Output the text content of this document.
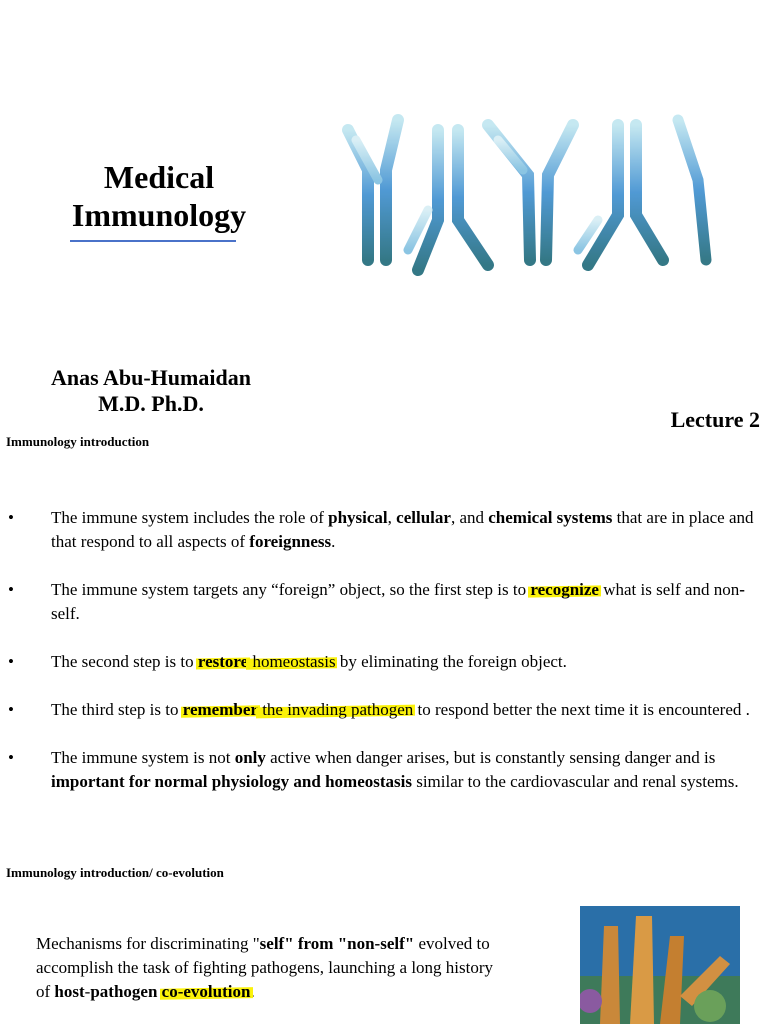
Medical
Immunology
Anas Abu-Humaidan
M.D. Ph.D.
Lecture 2
Immunology introduction
• The immune system includes the role of physical, cellular, and chemical systems that are in place and that respond to all aspects of foreignness.
• The immune system targets any “foreign” object, so the first step is to recognize what is self and non- self.
• The second step is to restore homeostasis by eliminating the foreign object.
• The third step is to remember the invading pathogen to respond better the next time it is encountered .
• The immune system is not only active when danger arises, but is constantly sensing danger and is important for normal physiology and homeostasis similar to the cardiovascular and renal systems.
Immunology introduction/ co-evolution
Mechanisms for discriminating "self" from "non-self" evolved to accomplish the task of fighting pathogens, launching a long history of host-pathogen co-evolution.
